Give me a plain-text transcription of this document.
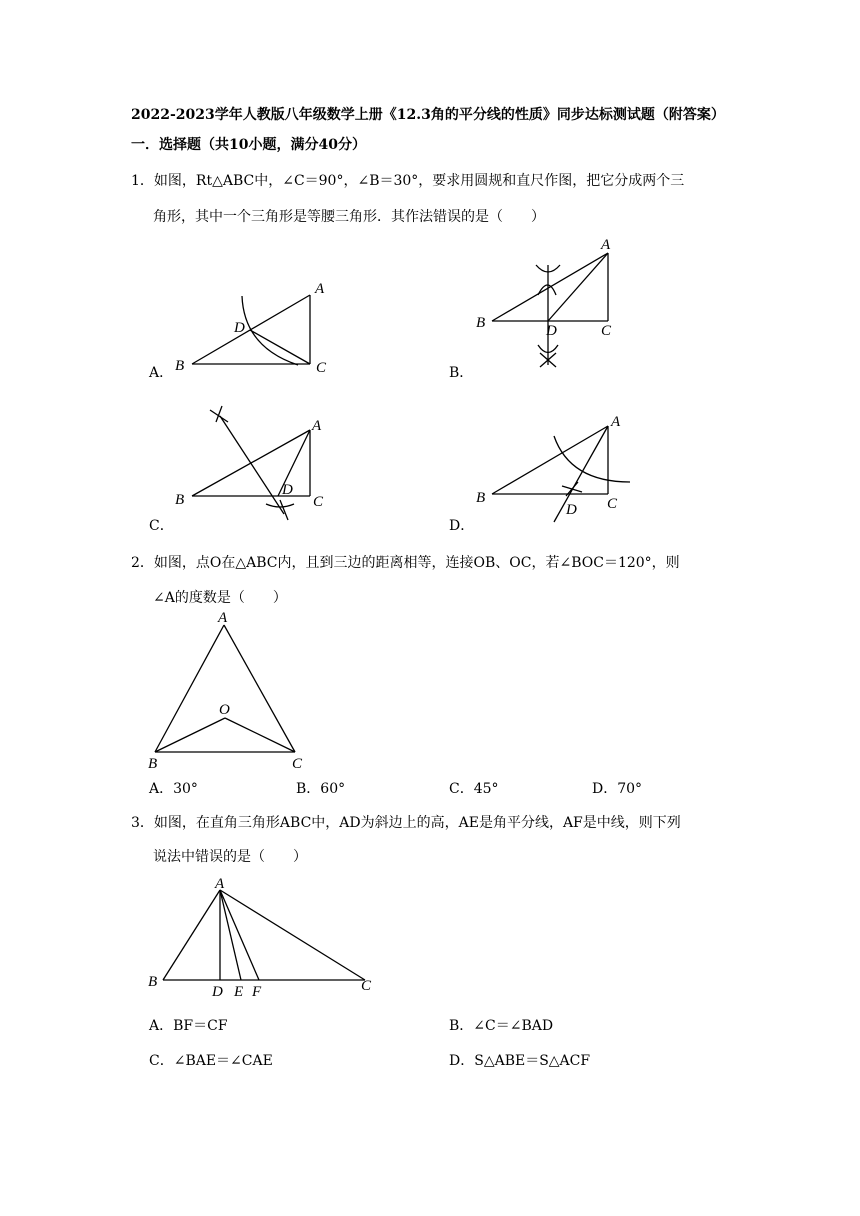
2022-2023学年人教版八年级数学上册《12.3角的平分线的性质》同步达标测试题（附答案）
一．选择题（共10小题，满分40分）
1．如图，Rt△ABC中，∠C＝90°，∠B＝30°，要求用圆规和直尺作图，把它分成两个三
角形，其中一个三角形是等腰三角形．其作法错误的是（　　）
B
A
C
D
A．
B
A
C
D
B．
B
A
C
D
C．
B
A
C
D
D．
2．如图，点O在△ABC内，且到三边的距离相等，连接OB、OC，若∠BOC＝120°，则
∠A的度数是（　　）
A
B	C
O
A．30°	B．60°	C．45°	D．70°
3．如图，在直角三角形ABC中，AD为斜边上的高，AE是角平分线，AF是中线，则下列
说法中错误的是（　　）
A
B	C
D E F
A．BF＝CF	B．∠C＝∠BAD
C．∠BAE＝∠CAE	D．S△ABE＝S△ACF
